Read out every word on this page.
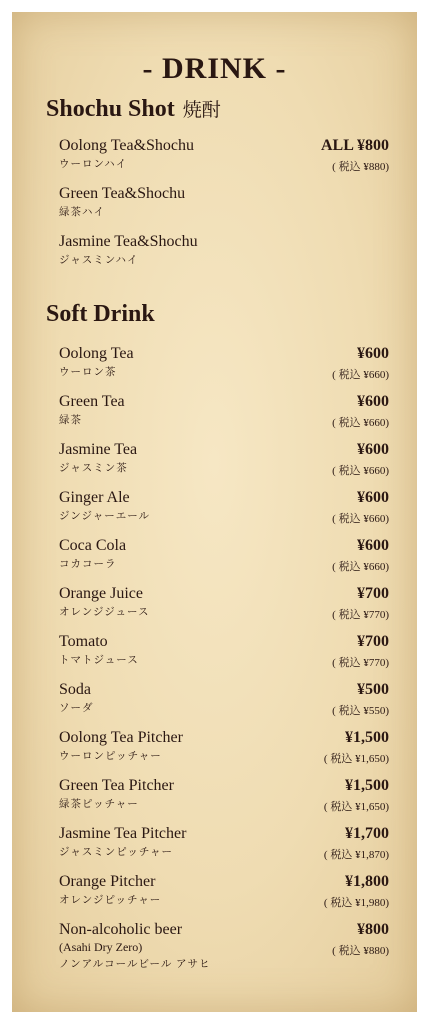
- DRINK -
Shochu Shot 焼酎
Oolong Tea&Shochu
ウーロンハイ
ALL ¥800
( 税込 ¥880)
Green Tea&Shochu
緑茶ハイ
Jasmine Tea&Shochu
ジャスミンハイ
Soft Drink
Oolong Tea
ウーロン茶
¥600
( 税込 ¥660)
Green Tea
緑茶
¥600
( 税込 ¥660)
Jasmine Tea
ジャスミン茶
¥600
( 税込 ¥660)
Ginger Ale
ジンジャーエール
¥600
( 税込 ¥660)
Coca Cola
コカコーラ
¥600
( 税込 ¥660)
Orange Juice
オレンジジュース
¥700
( 税込 ¥770)
Tomato
トマトジュース
¥700
( 税込 ¥770)
Soda
ソーダ
¥500
( 税込 ¥550)
Oolong Tea Pitcher
ウーロンピッチャー
¥1,500
( 税込 ¥1,650)
Green Tea Pitcher
緑茶ピッチャー
¥1,500
( 税込 ¥1,650)
Jasmine Tea Pitcher
ジャスミンピッチャー
¥1,700
( 税込 ¥1,870)
Orange Pitcher
オレンジピッチャー
¥1,800
( 税込 ¥1,980)
Non-alcoholic beer
(Asahi Dry Zero)
ノンアルコールビール アサヒ
¥800
( 税込 ¥880)
